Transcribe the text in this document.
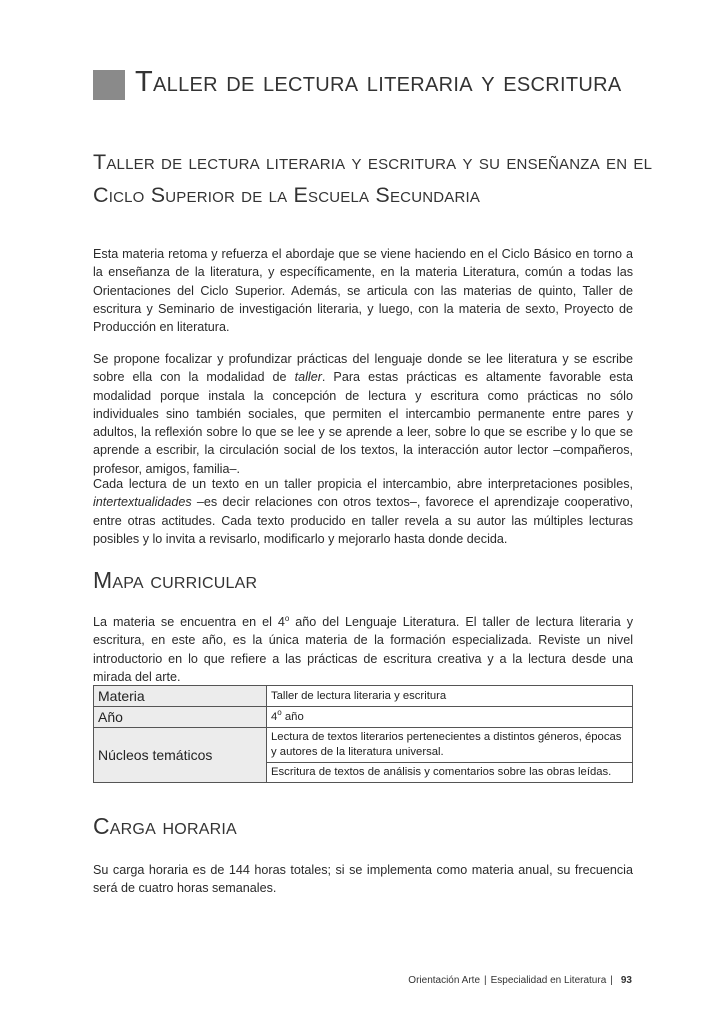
Taller de lectura literaria y escritura
Taller de lectura literaria y escritura y su enseñanza en el Ciclo Superior de la Escuela Secundaria

Esta materia retoma y refuerza el abordaje que se viene haciendo en el Ciclo Básico en torno a la enseñanza de la literatura, y específicamente, en la materia Literatura, común a todas las Orientaciones del Ciclo Superior. Además, se articula con las materias de quinto, Taller de escritura y Seminario de investigación literaria, y luego, con la materia de sexto, Proyecto de Producción en literatura.

Se propone focalizar y profundizar prácticas del lenguaje donde se lee literatura y se escribe sobre ella con la modalidad de taller. Para estas prácticas es altamente favorable esta modalidad porque instala la concepción de lectura y escritura como prácticas no sólo individuales sino también sociales, que permiten el intercambio permanente entre pares y adultos, la reflexión sobre lo que se lee y se aprende a leer, sobre lo que se escribe y lo que se aprende a escribir, la circulación social de los textos, la interacción autor lector –compañeros, profesor, amigos, familia–.

Cada lectura de un texto en un taller propicia el intercambio, abre interpretaciones posibles, intertextualidades –es decir relaciones con otros textos–, favorece el aprendizaje cooperativo, entre otras actitudes. Cada texto producido en taller revela a su autor las múltiples lecturas posibles y lo invita a revisarlo, modificarlo y mejorarlo hasta donde decida.

Mapa curricular

La materia se encuentra en el 4$^o$ año del Lenguaje Literatura. El taller de lectura literaria y escritura, en este año, es la única materia de la formación especializada. Reviste un nivel introductorio en lo que refiere a las prácticas de escritura creativa y a la lectura desde una mirada del arte.

Materia	Taller de lectura literaria y escritura
Año	4$^o$ año
Núcleos temáticos	Lectura de textos literarios pertenecientes a distintos géneros, épocas y autores de la literatura universal.
	Escritura de textos de análisis y comentarios sobre las obras leídas.
Carga horaria

Su carga horaria es de 144 horas totales; si se implementa como materia anual, su frecuencia será de cuatro horas semanales.

Orientación Arte | Especialidad en Literatura | 93
